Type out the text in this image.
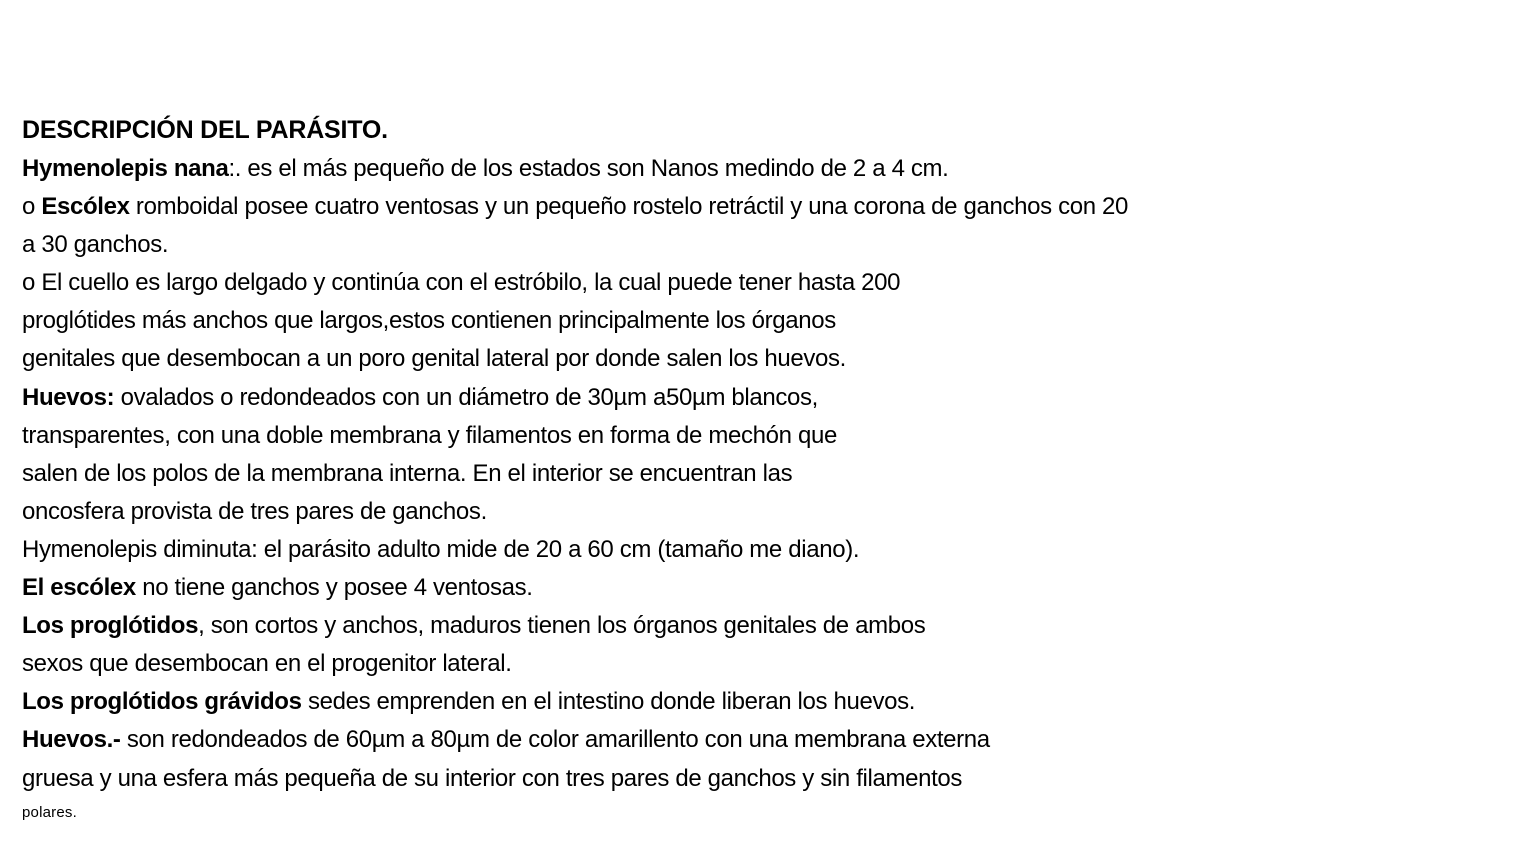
DESCRIPCIÓN DEL PARÁSITO.
Hymenolepis nana:. es el más pequeño de los estados son Nanos medindo de 2 a 4 cm.
o Escólex romboidal posee cuatro ventosas y un pequeño rostelo retráctil y una corona de ganchos con 20
a 30 ganchos.
o El cuello es largo delgado y continúa con el estróbilo, la cual puede tener hasta 200
proglótides más anchos que largos,estos contienen principalmente los órganos
genitales que desembocan a un poro genital lateral por donde salen los huevos.
Huevos: ovalados o redondeados con un diámetro de 30µm a50µm blancos,
transparentes, con una doble membrana y filamentos en forma de mechón que
salen de los polos de la membrana interna. En el interior se encuentran las
oncosfera provista de tres pares de ganchos.
Hymenolepis diminuta: el parásito adulto mide de 20 a 60 cm (tamaño me diano).
El escólex no tiene ganchos y posee 4 ventosas.
Los proglótidos, son cortos y anchos, maduros tienen los órganos genitales de ambos
sexos que desembocan en el progenitor lateral.
Los proglótidos grávidos sedes emprenden en el intestino donde liberan los huevos.
Huevos.- son redondeados de 60µm a 80µm de color amarillento con una membrana externa
gruesa y una esfera más pequeña de su interior con tres pares de ganchos y sin filamentos
polares.
